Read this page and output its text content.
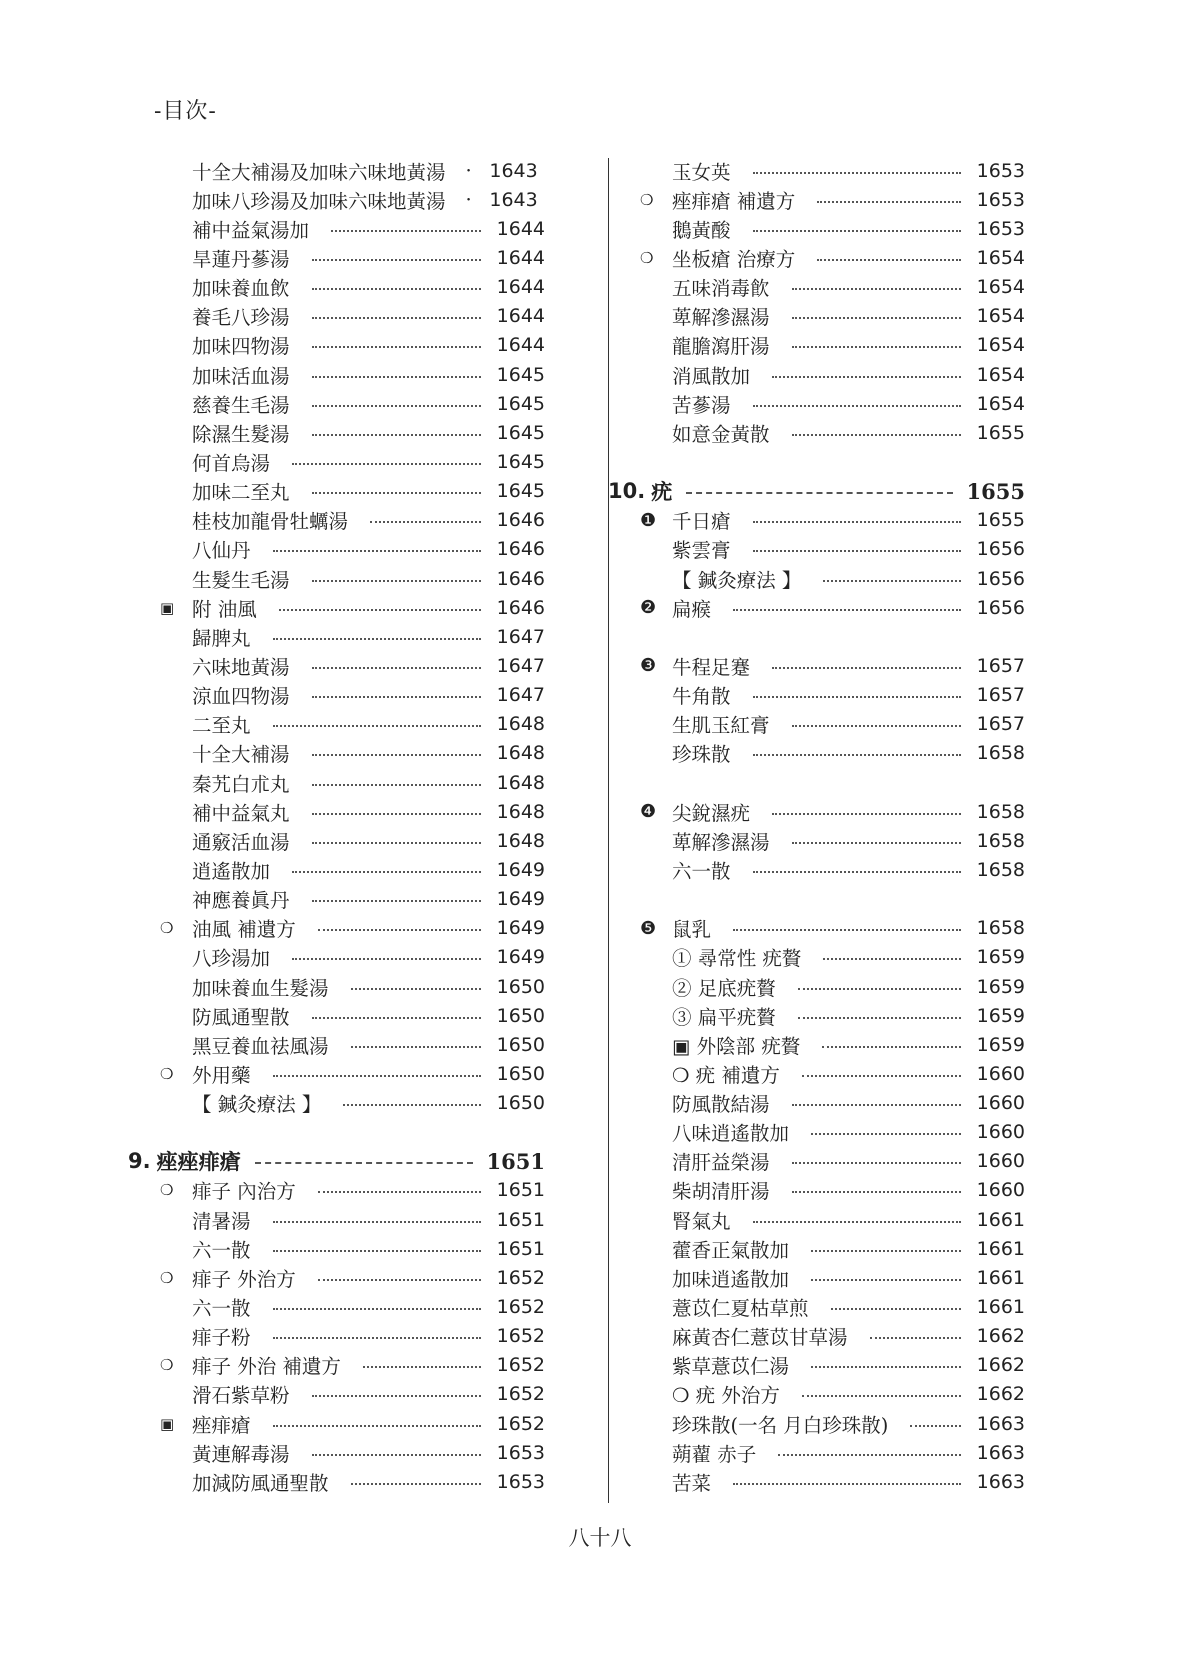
-目次-
十全大補湯及加味六味地黃湯 · 1643
加味八珍湯及加味六味地黃湯 · 1643
補中益氣湯加	1644
旱蓮丹蔘湯	1644
加味養血飲	1644
養毛八珍湯	1644
加味四物湯	1644
加味活血湯	1645
慈養生毛湯	1645
除濕生髮湯	1645
何首烏湯	1645
加味二至丸	1645
桂枝加龍骨牡蠣湯	1646
八仙丹	1646
生髮生毛湯	1646
▣ 附 油風	1646
歸脾丸	1647
六味地黃湯	1647
涼血四物湯	1647
二至丸	1648
十全大補湯	1648
秦艽白朮丸	1648
補中益氣丸	1648
通竅活血湯	1648
逍遙散加	1649
神應養眞丹	1649
❍ 油風 補遺方	1649
八珍湯加	1649
加味養血生髮湯	1650
防風通聖散	1650
黑豆養血祛風湯	1650
❍ 外用藥	1650
【 鍼灸療法 】	1650
9. 痤痤痱瘡	1651
❍ 痱子 內治方	1651
清暑湯	1651
六一散	1651
❍ 痱子 外治方	1652
六一散	1652
痱子粉	1652
❍ 痱子 外治 補遺方	1652
滑石紫草粉	1652
▣ 痤痱瘡	1652
黃連解毒湯	1653
加減防風通聖散	1653
玉女英	1653
❍ 痤痱瘡 補遺方	1653
鵝黃酸	1653
❍ 坐板瘡 治療方	1654
五味消毒飮	1654
萆解滲濕湯	1654
龍膽瀉肝湯	1654
消風散加	1654
苦蔘湯	1654
如意金黃散	1655
10. 疣	1655
❶ 千日瘡	1655
紫雲膏	1656
【 鍼灸療法 】	1656
❷ 扁瘊	1656
❸ 牛程足蹇	1657
牛角散	1657
生肌玉紅膏	1657
珍珠散	1658
❹ 尖銳濕疣	1658
萆解滲濕湯	1658
六一散	1658
❺ 鼠乳	1658
① 尋常性 疣贅	1659
② 足底疣贅	1659
③ 扁平疣贅	1659
▣ 外陰部 疣贅	1659
❍ 疣 補遺方	1660
防風散結湯	1660
八味逍遙散加	1660
清肝益榮湯	1660
柴胡清肝湯	1660
腎氣丸	1661
藿香正氣散加	1661
加味逍遙散加	1661
薏苡仁夏枯草煎	1661
麻黃杏仁薏苡甘草湯	1662
紫草薏苡仁湯	1662
❍ 疣 外治方	1662
珍珠散(一名 月白珍珠散)	1663
蒴藋 赤子	1663
苦菜	1663
八十八
